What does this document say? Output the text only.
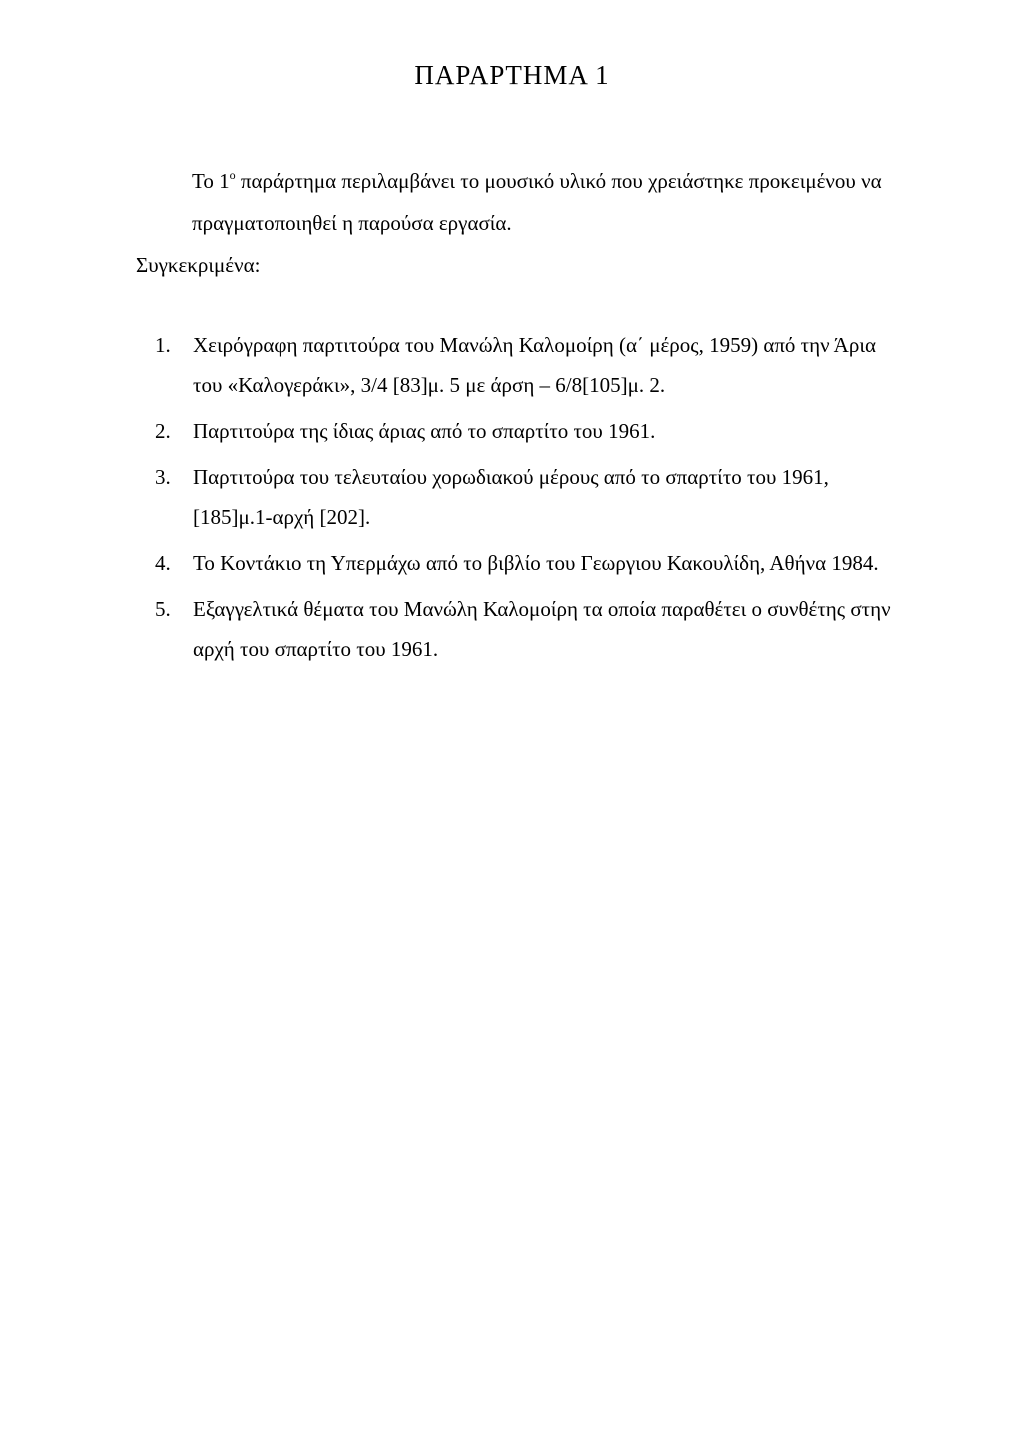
ΠΑΡΑΡΤΗΜΑ 1
Το $1^o$ παράρτημα περιλαμβάνει το μουσικό υλικό που χρειάστηκε προκειμένου να πραγματοποιηθεί η παρούσα εργασία.
Συγκεκριμένα:
1. Χειρόγραφη παρτιτούρα του Μανώλη Καλομοίρη (α΄ μέρος, 1959) από την Άρια του «Καλογεράκι», 3/4 [83]μ. 5 με άρση – 6/8[105]μ. 2.
2. Παρτιτούρα της ίδιας άριας από το σπαρτίτο του 1961.
3. Παρτιτούρα του τελευταίου χορωδιακού μέρους από το σπαρτίτο του 1961, [185]μ.1-αρχή [202].
4. Το Κοντάκιο τη Υπερμάχω από το βιβλίο του Γεωργιου Κακουλίδη, Αθήνα 1984.
5. Εξαγγελτικά θέματα του Μανώλη Καλομοίρη τα οποία παραθέτει ο συνθέτης στην αρχή του σπαρτίτο του 1961.
